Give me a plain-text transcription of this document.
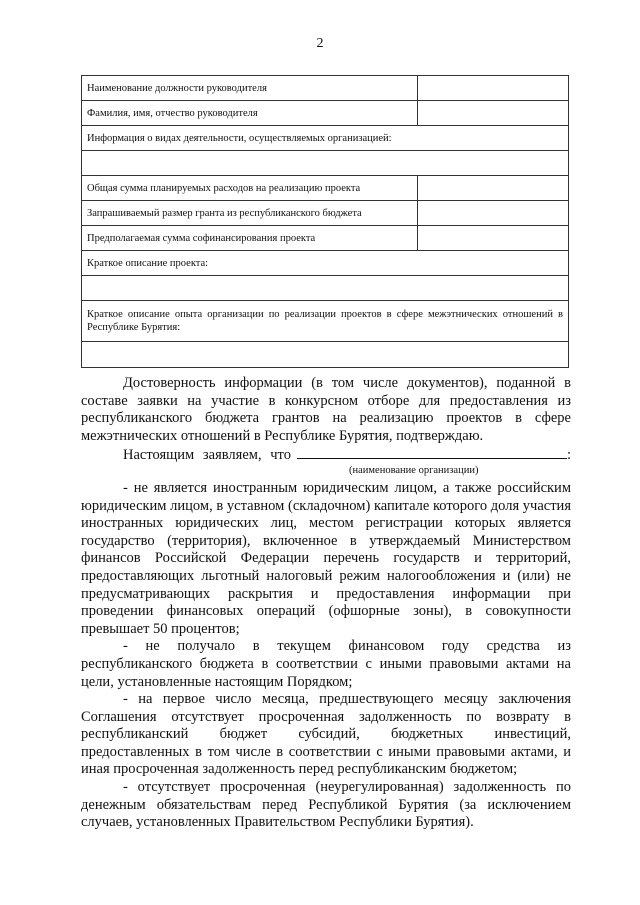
2
Наименование должности руководителя	
Фамилия, имя, отчество руководителя	
Информация о видах деятельности, осуществляемых организацией:	

Общая сумма планируемых расходов на реализацию проекта	
Запрашиваемый размер гранта из республиканского бюджета	
Предполагаемая сумма софинансирования проекта	
Краткое описание проекта:	

Краткое описание опыта организации по реализации проектов в сфере межэтнических отношений в Республике Бурятия:	

Достоверность информации (в том числе документов), поданной в составе заявки на участие в конкурсном отборе для предоставления из республиканского бюджета грантов на реализацию проектов в сфере межэтнических отношений в Республике Бурятия, подтверждаю.

Настоящим заявляем, что	:

(наименование организации)

- не является иностранным юридическим лицом, а также российским юридическим лицом, в уставном (складочном) капитале которого доля участия иностранных юридических лиц, местом регистрации которых является государство (территория), включенное в утверждаемый Министерством финансов Российской Федерации перечень государств и территорий, предоставляющих льготный налоговый режим налогообложения и (или) не предусматривающих раскрытия и предоставления информации при проведении финансовых операций (офшорные зоны), в совокупности превышает 50 процентов;

- не получало в текущем финансовом году средства из республиканского бюджета в соответствии с иными правовыми актами на цели, установленные настоящим Порядком;

- на первое число месяца, предшествующего месяцу заключения Соглашения отсутствует просроченная задолженность по возврату в республиканский бюджет субсидий, бюджетных инвестиций, предоставленных в том числе в соответствии с иными правовыми актами, и иная просроченная задолженность перед республиканским бюджетом;

- отсутствует просроченная (неурегулированная) задолженность по денежным обязательствам перед Республикой Бурятия (за исключением случаев, установленных Правительством Республики Бурятия).
